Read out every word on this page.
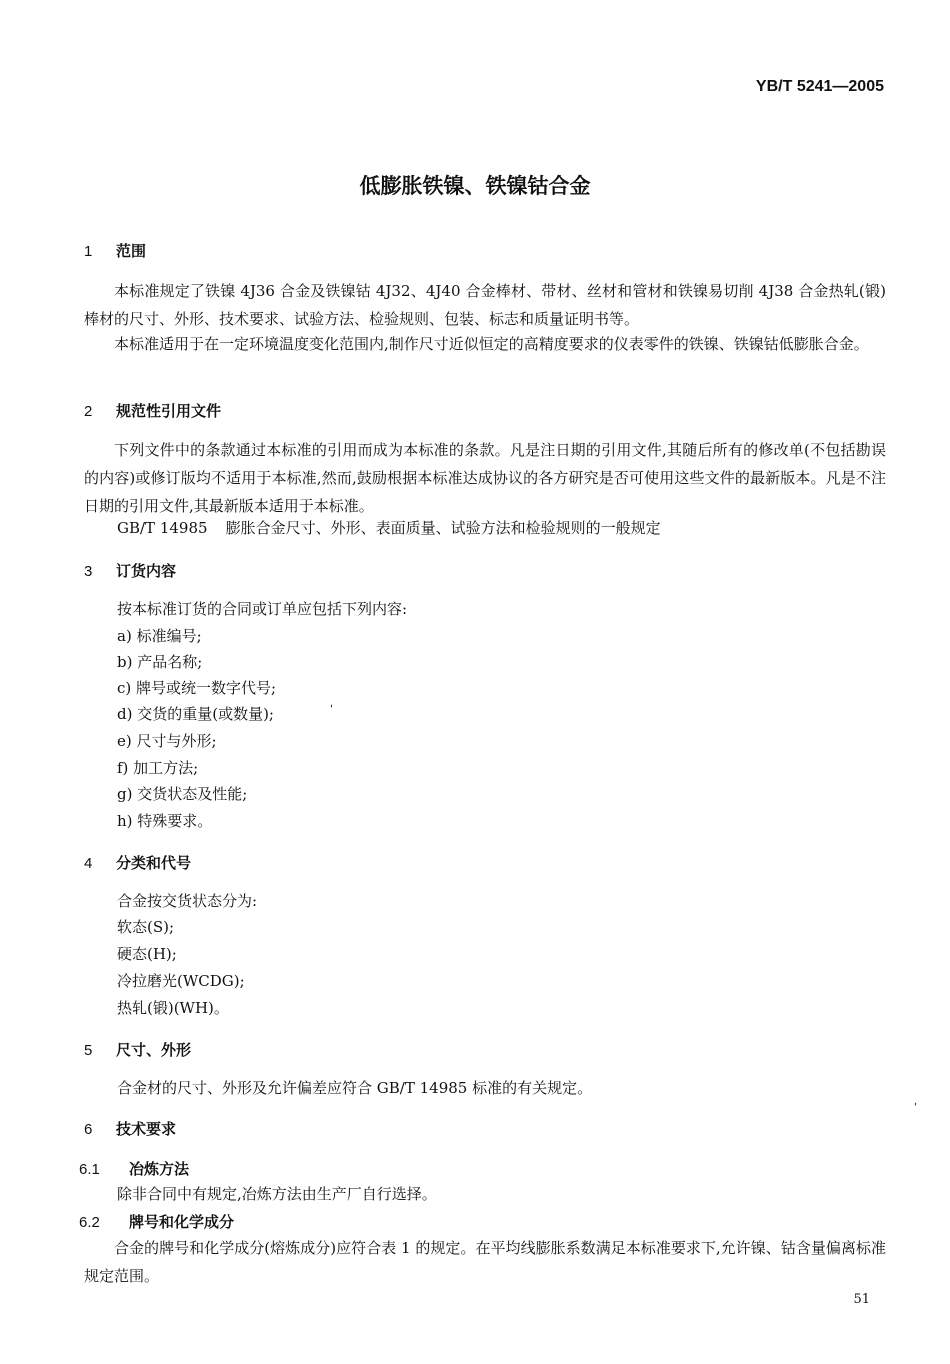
YB/T 5241—2005
低膨胀铁镍、铁镍钴合金
1 范围
本标准规定了铁镍 4J36 合金及铁镍钴 4J32、4J40 合金棒材、带材、丝材和管材和铁镍易切削 4J38 合金热轧(锻)棒材的尺寸、外形、技术要求、试验方法、检验规则、包装、标志和质量证明书等。
本标准适用于在一定环境温度变化范围内,制作尺寸近似恒定的高精度要求的仪表零件的铁镍、铁镍钴低膨胀合金。
2 规范性引用文件
下列文件中的条款通过本标准的引用而成为本标准的条款。凡是注日期的引用文件,其随后所有的修改单(不包括勘误的内容)或修订版均不适用于本标准,然而,鼓励根据本标准达成协议的各方研究是否可使用这些文件的最新版本。凡是不注日期的引用文件,其最新版本适用于本标准。
GB/T 14985 膨胀合金尺寸、外形、表面质量、试验方法和检验规则的一般规定
3 订货内容
按本标准订货的合同或订单应包括下列内容:
a) 标准编号;
b) 产品名称;
c) 牌号或统一数字代号;
d) 交货的重量(或数量);	ʹ
e) 尺寸与外形;
f) 加工方法;
g) 交货状态及性能;
h) 特殊要求。
4 分类和代号
合金按交货状态分为:
软态(S);
硬态(H);
冷拉磨光(WCDG);
热轧(锻)(WH)。
5 尺寸、外形
合金材的尺寸、外形及允许偏差应符合 GB/T 14985 标准的有关规定。
6 技术要求
ʹ
6.1 冶炼方法
除非合同中有规定,冶炼方法由生产厂自行选择。
6.2 牌号和化学成分
合金的牌号和化学成分(熔炼成分)应符合表 1 的规定。在平均线膨胀系数满足本标准要求下,允许镍、钴含量偏离标准规定范围。
51
